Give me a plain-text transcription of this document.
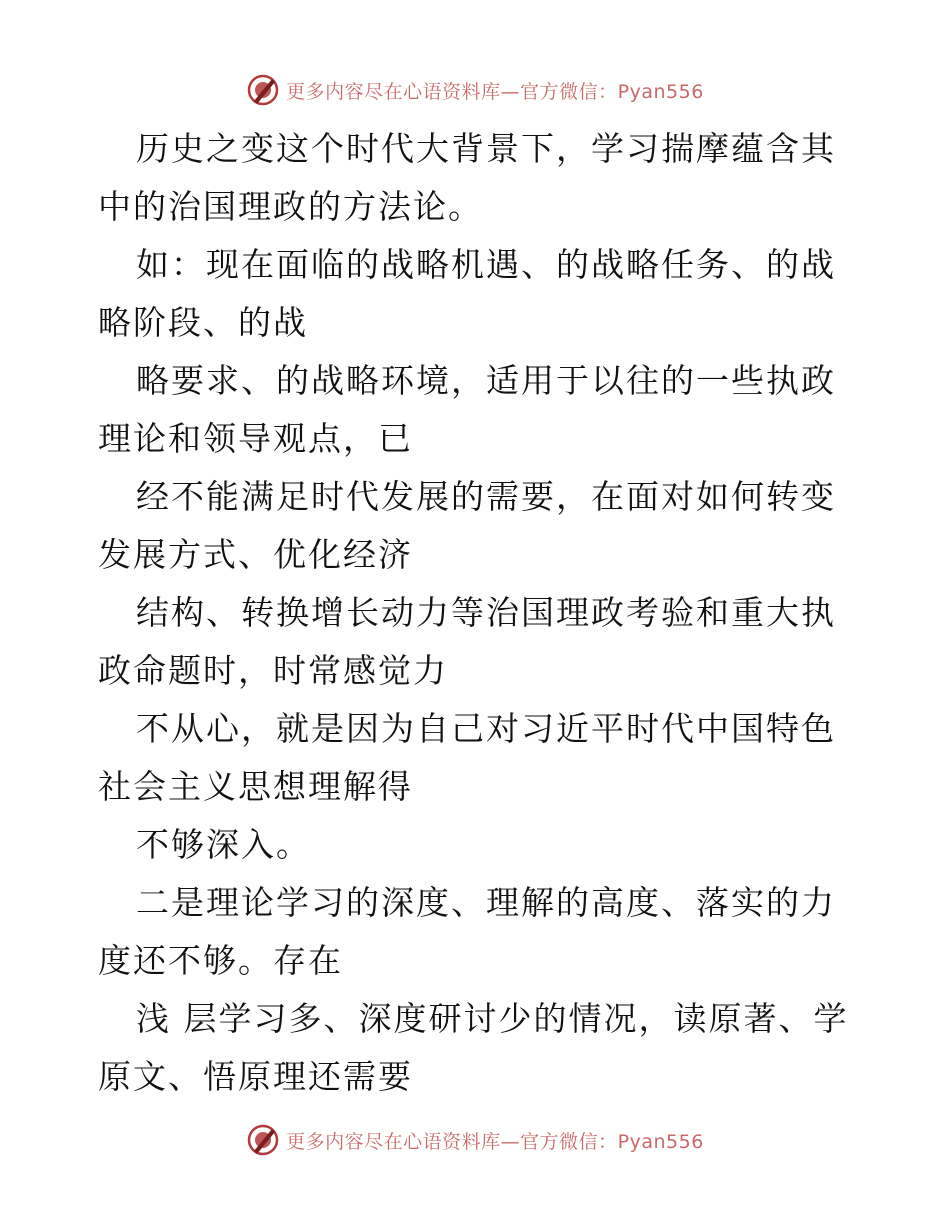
更多内容尽在心语资料库—官方微信：Pyan556

历史之变这个时代大背景下，学习揣摩蕴含其中的治国理政的方法论。

如：现在面临的战略机遇、的战略任务、的战略阶段、的战

略要求、的战略环境，适用于以往的一些执政理论和领导观点，已

经不能满足时代发展的需要，在面对如何转变发展方式、优化经济

结构、转换增长动力等治国理政考验和重大执政命题时，时常感觉力

不从心，就是因为自己对习近平时代中国特色社会主义思想理解得

不够深入。

二是理论学习的深度、理解的高度、落实的力度还不够。存在

浅 层学习多、深度研讨少的情况，读原著、学原文、悟原理还需要

更多内容尽在心语资料库—官方微信：Pyan556
